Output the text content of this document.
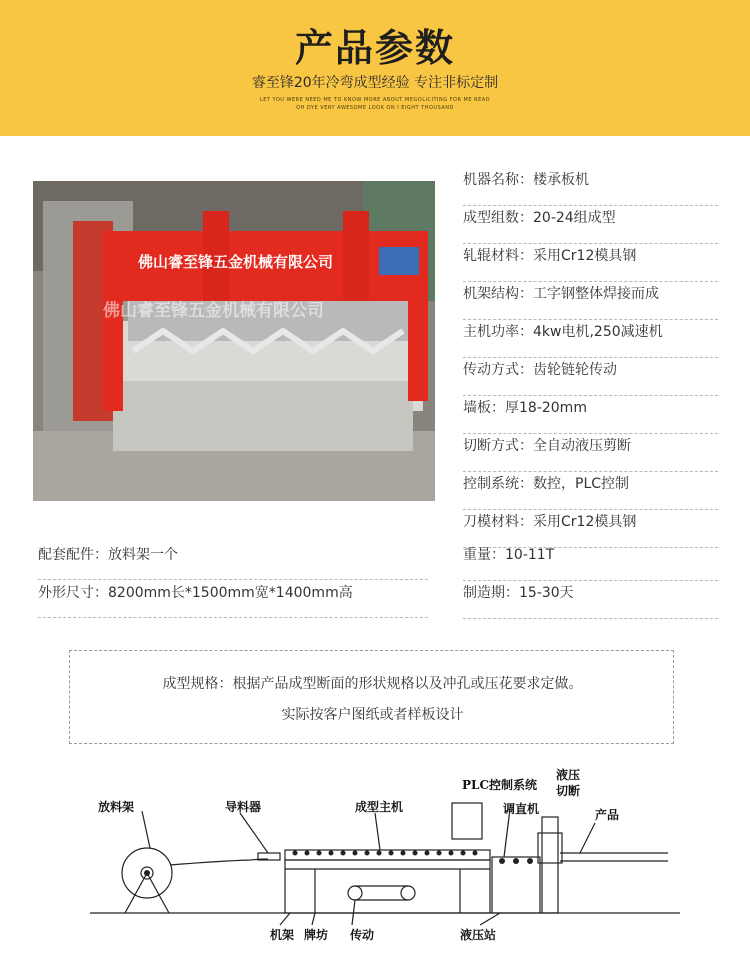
产品参数
睿至锋20年冷弯成型经验 专注非标定制
LET YOU WERE NEED ME TO KNOW MORE ABOUT MEGOLICITING FOR ME READ
OH DYE VERY AWESOME LOOK ON I EIGHT THOUSAND
佛山睿至锋五金机械有限公司
佛山睿至锋五金机械有限公司
机器名称：楼承板机
成型组数：20-24组成型
轧辊材料：采用Cr12模具钢
机架结构：工字钢整体焊接而成
主机功率：4kw电机,250减速机
传动方式：齿轮链轮传动
墙板：厚18-20mm
切断方式：全自动液压剪断
控制系统：数控，PLC控制
刀模材料：采用Cr12模具钢
重量：10-11T
制造期：15-30天
配套配件：放料架一个
外形尺寸：8200mm长*1500mm宽*1400mm高
成型规格：根据产品成型断面的形状规格以及冲孔或压花要求定做。
实际按客户图纸或者样板设计
放料架	导料器	成型主机
PLC控制系统
调直机
液压
切断
产品
机架 牌坊 传动	液压站
